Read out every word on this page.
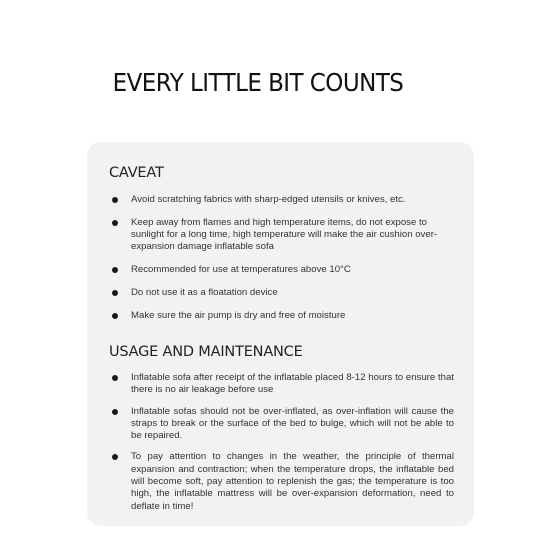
EVERY LITTLE BIT COUNTS
CAVEAT
Avoid scratching fabrics with sharp-edged utensils or knives, etc.
Keep away from flames and high temperature items, do not expose to sunlight for a long time, high temperature will make the air cushion over-expansion damage inflatable sofa
Recommended for use at temperatures above 10°C
Do not use it as a floatation device
Make sure the air pump is dry and free of moisture
USAGE AND MAINTENANCE
Inflatable sofa after receipt of the inflatable placed 8-12 hours to ensure that there is no air leakage before use
Inflatable sofas should not be over-inflated, as over-inflation will cause the straps to break or the surface of the bed to bulge, which will not be able to be repaired.
To pay attention to changes in the weather, the principle of thermal expansion and contraction; when the temperature drops, the inflatable bed will become soft, pay attention to replenish the gas; the temperature is too high, the inflatable mattress will be over-expansion deformation, need to deflate in time!
